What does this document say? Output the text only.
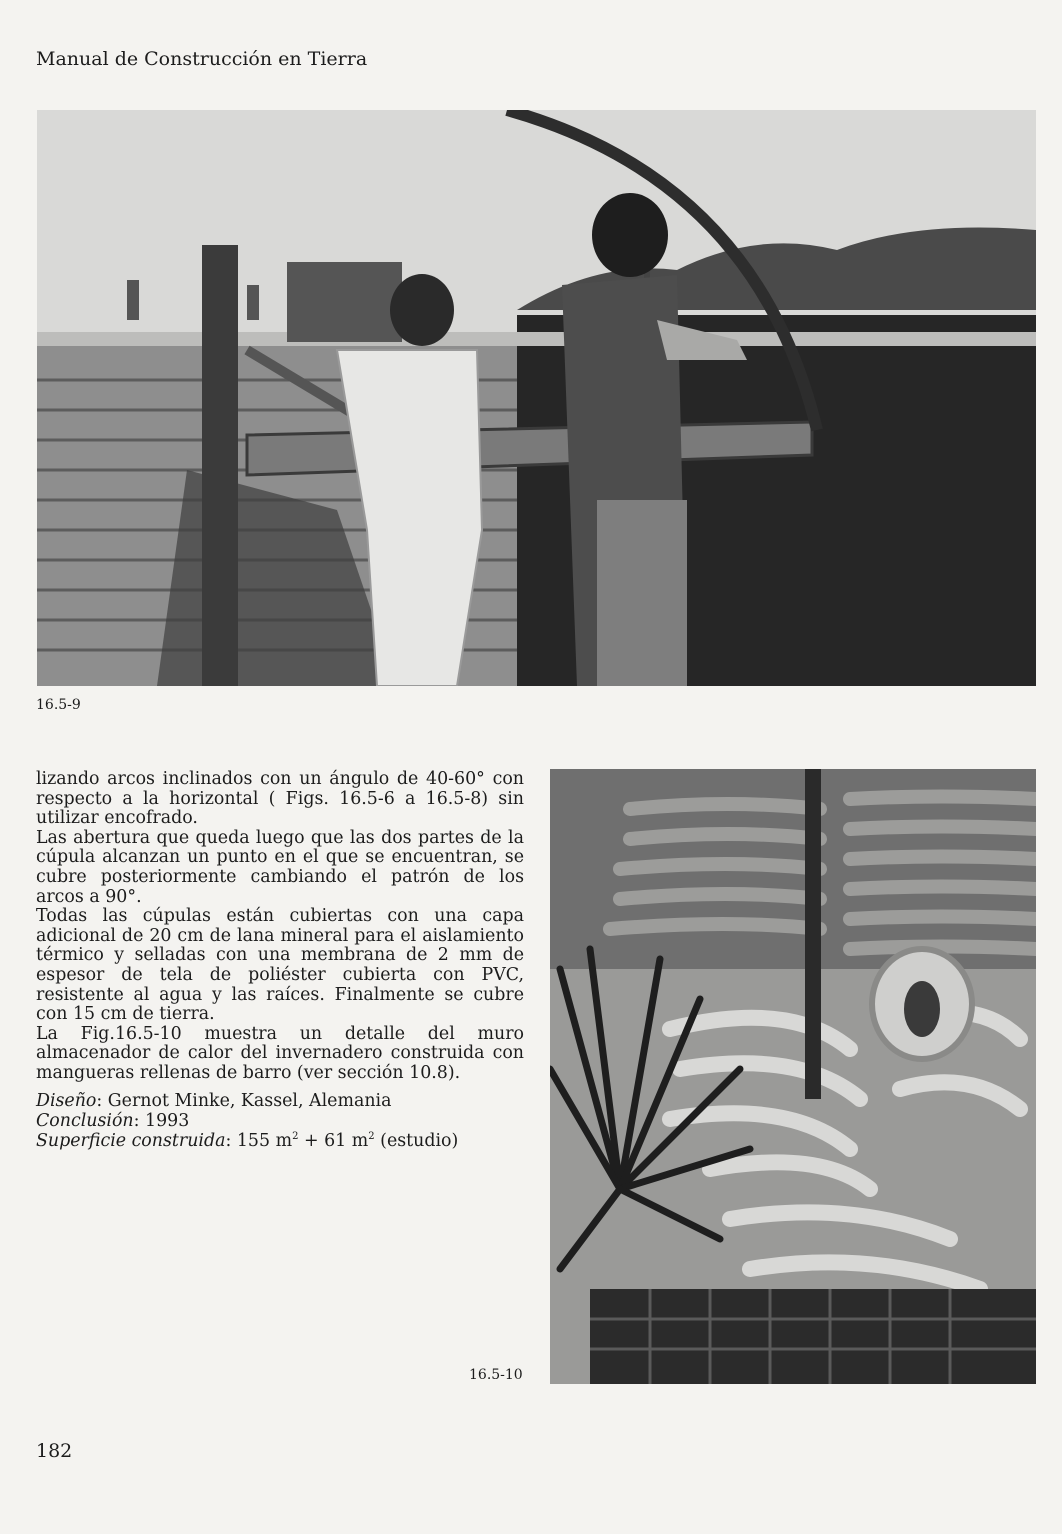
Manual de Construcción en Tierra
16.5-9

lizando arcos inclinados con un ángulo de 40-60° con respecto a la horizontal ( Figs. 16.5-6 a 16.5-8) sin utilizar encofrado.

Las abertura que queda luego que las dos partes de la cúpula alcanzan un punto en el que se encuentran, se cubre posteriormente cambiando el patrón de los arcos a 90°.

Todas las cúpulas están cubiertas con una capa adicional de 20 cm de lana mineral para el aislamiento térmico y selladas con una membrana de 2 mm de espesor de tela de poliéster cubierta con PVC, resistente al agua y las raíces. Finalmente se cubre con 15 cm de tierra.

La Fig.16.5-10 muestra un detalle del muro almacenador de calor del invernadero construida con mangueras rellenas de barro (ver sección 10.8).

Diseño: Gernot Minke, Kassel, Alemania
Conclusión: 1993
Superficie construida: 155 $m^2 + 61$ $m^2$ (estudio)
16.5-10
182
